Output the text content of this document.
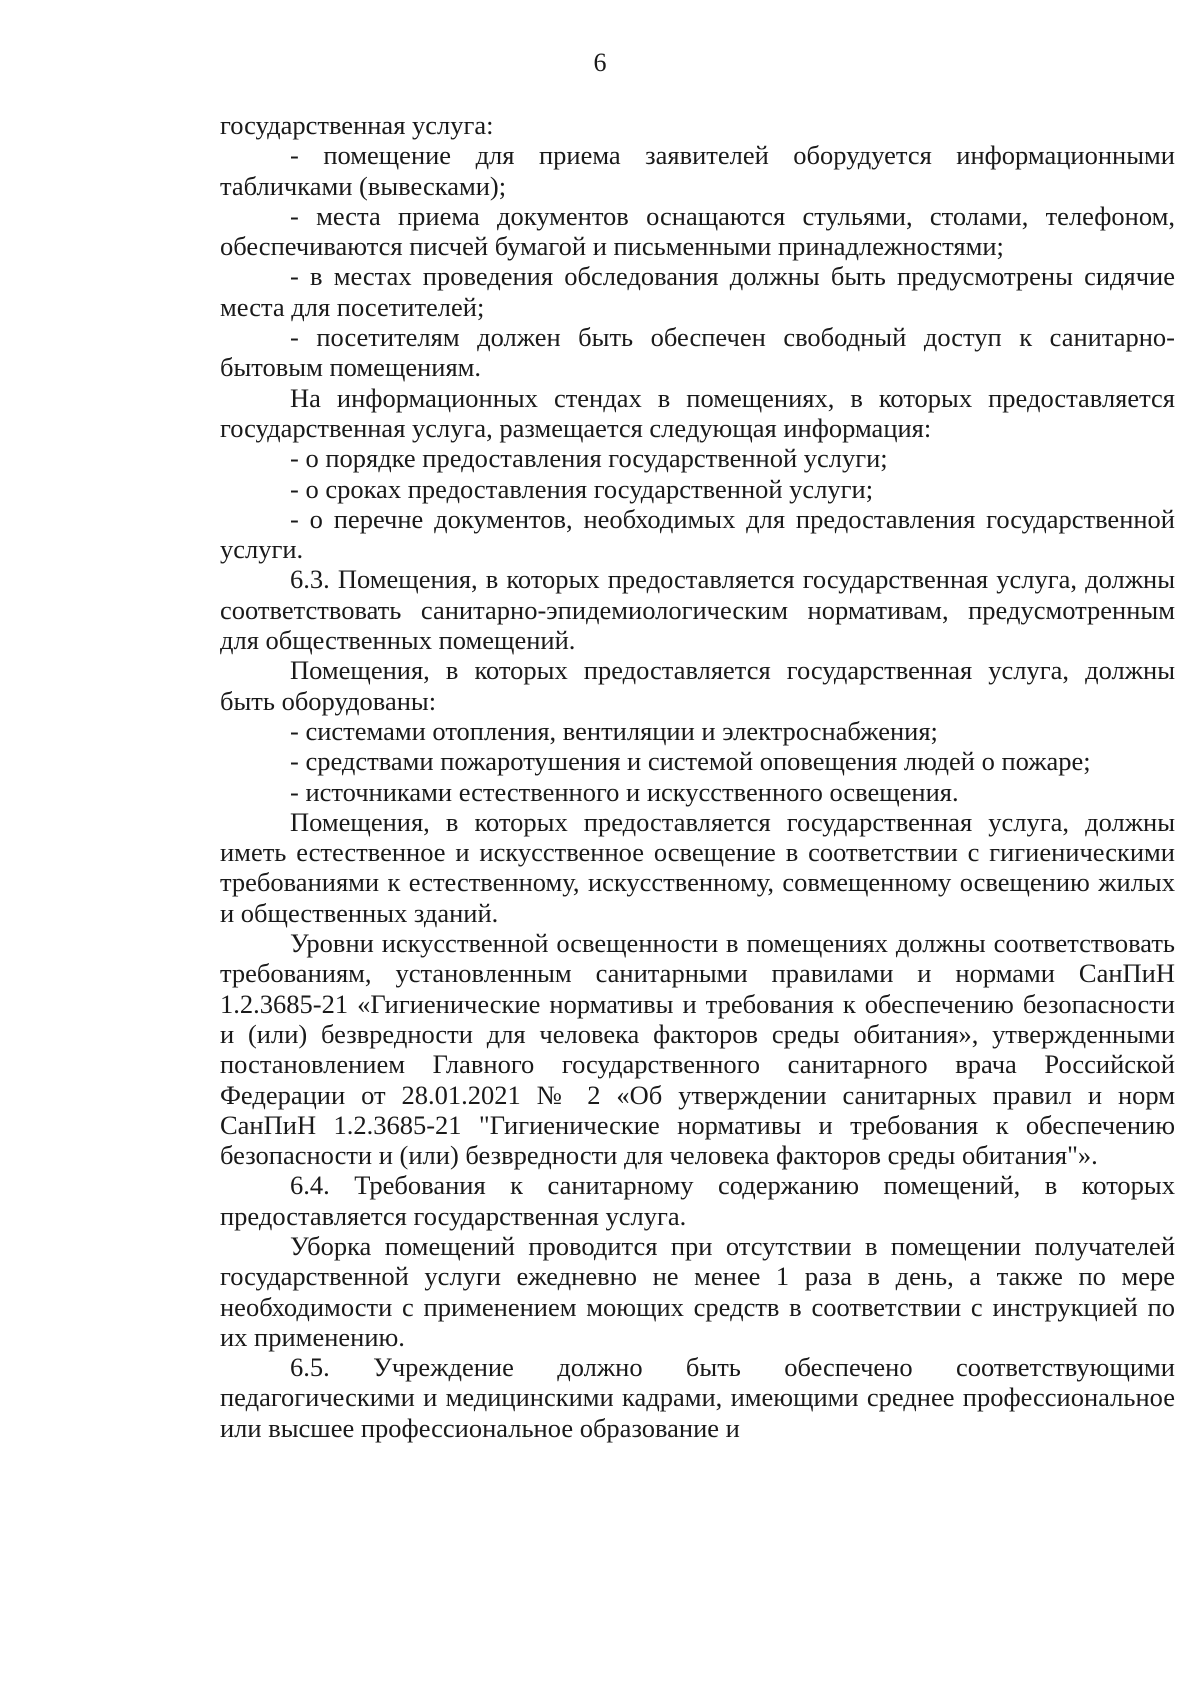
6

государственная услуга:

- помещение для приема заявителей оборудуется информационными табличками (вывесками);

- места приема документов оснащаются стульями, столами, телефоном, обеспечиваются писчей бумагой и письменными принадлежностями;

- в местах проведения обследования должны быть предусмотрены сидячие места для посетителей;

- посетителям должен быть обеспечен свободный доступ к санитарно-бытовым помещениям.

На информационных стендах в помещениях, в которых предоставляется государственная услуга, размещается следующая информация:

- о порядке предоставления государственной услуги;

- о сроках предоставления государственной услуги;

- о перечне документов, необходимых для предоставления государственной услуги.

6.3. Помещения, в которых предоставляется государственная услуга, должны соответствовать санитарно-эпидемиологическим нормативам, предусмотренным для общественных помещений.

Помещения, в которых предоставляется государственная услуга, должны быть оборудованы:

- системами отопления, вентиляции и электроснабжения;

- средствами пожаротушения и системой оповещения людей о пожаре;

- источниками естественного и искусственного освещения.

Помещения, в которых предоставляется государственная услуга, должны иметь естественное и искусственное освещение в соответствии с гигиеническими требованиями к естественному, искусственному, совмещенному освещению жилых и общественных зданий.

Уровни искусственной освещенности в помещениях должны соответствовать требованиям, установленным санитарными правилами и нормами СанПиН 1.2.3685-21 «Гигиенические нормативы и требования к обеспечению безопасности и (или) безвредности для человека факторов среды обитания», утвержденными постановлением Главного государственного санитарного врача Российской Федерации от 28.01.2021 № 2 «Об утверждении санитарных правил и норм СанПиН 1.2.3685-21 "Гигиенические нормативы и требования к обеспечению безопасности и (или) безвредности для человека факторов среды обитания"».

6.4. Требования к санитарному содержанию помещений, в которых предоставляется государственная услуга.

Уборка помещений проводится при отсутствии в помещении получателей государственной услуги ежедневно не менее 1 раза в день, а также по мере необходимости с применением моющих средств в соответствии с инструкцией по их применению.

6.5. Учреждение должно быть обеспечено соответствующими педагогическими и медицинскими кадрами, имеющими среднее профессиональное или высшее профессиональное образование и
